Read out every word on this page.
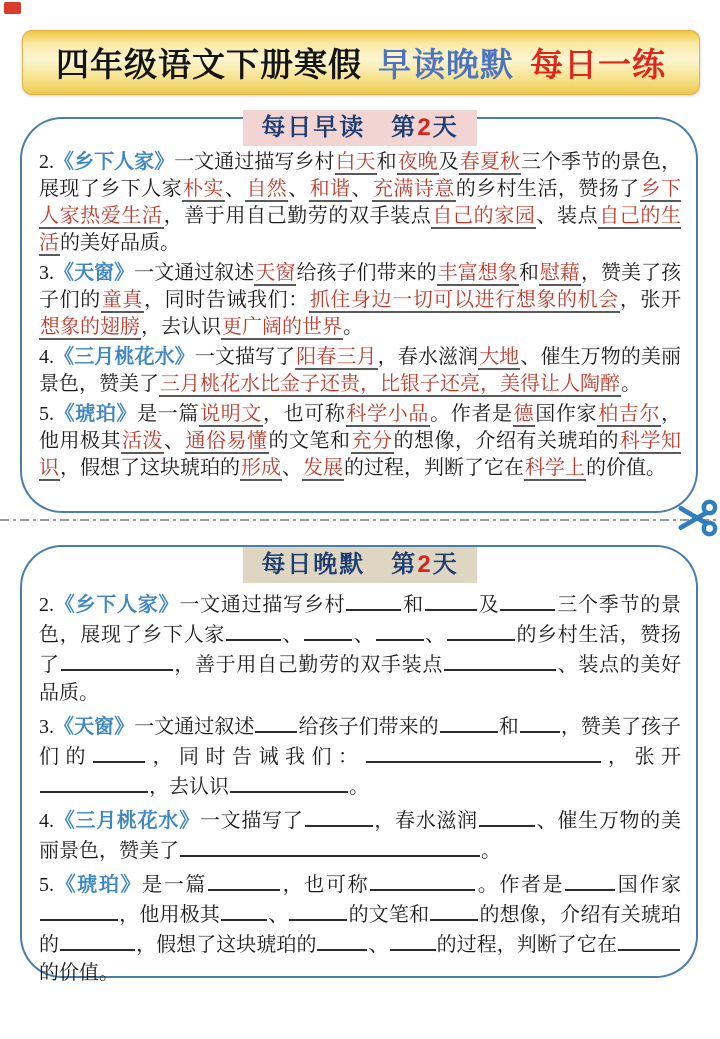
四年级语文下册寒假 早读晚默 每日一练
每日早读　第2天

2.《乡下人家》一文通过描写乡村白天和夜晚及春夏秋三个季节的景色，展现了乡下人家朴实、自然、和谐、充满诗意的乡村生活，赞扬了乡下人家热爱生活，善于用自己勤劳的双手装点自己的家园、装点自己的生活的美好品质。

3.《天窗》一文通过叙述天窗给孩子们带来的丰富想象和慰藉，赞美了孩子们的童真，同时告诫我们：抓住身边一切可以进行想象的机会，张开想象的翅膀，去认识更广阔的世界。

4.《三月桃花水》一文描写了阳春三月，春水滋润大地、催生万物的美丽景色，赞美了三月桃花水比金子还贵，比银子还亮，美得让人陶醉。

5.《琥珀》是一篇说明文，也可称科学小品。作者是德国作家柏吉尔，他用极其活泼、通俗易懂的文笔和充分的想像，介绍有关琥珀的科学知识，假想了这块琥珀的形成、发展的过程，判断了它在科学上的价值。

每日晚默　第2天

2.《乡下人家》一文通过描写乡村	和	及	三个季节的景色，展现了乡下人家	、	、	、	的乡村生活，赞扬了	，善于用自己勤劳的双手装点	、装点的美好品质。

3.《天窗》一文通过叙述 给孩子们带来的	和 ，赞美了孩子们的	，同时告诫我们：	，张开，去认识	。

4.《三月桃花水》一文描写了	，春水滋润	、催生万物的美丽景色，赞美了	。

5.《琥珀》是一篇	，也可称	。作者是	国作家，他用极其 、	的文笔和	的想像，介绍有关琥珀的	，假想了这块琥珀的	、 的过程，判断了它在的价值。
